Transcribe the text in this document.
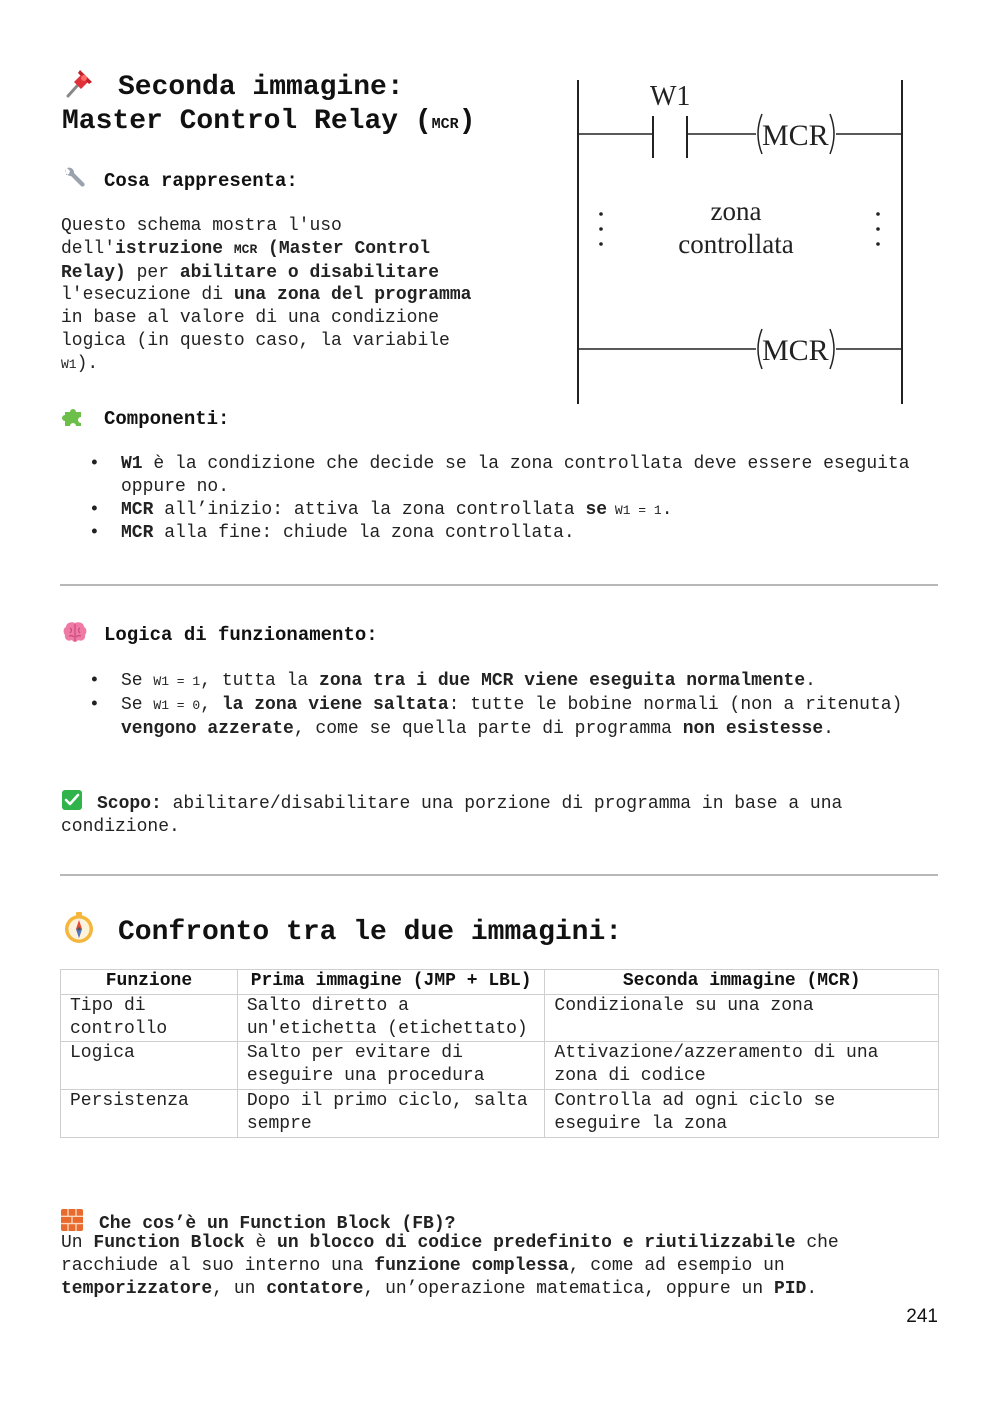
Seconda immagine:
Master Control Relay (MCR)
Cosa rappresenta:
Questo schema mostra l'uso
dell'istruzione MCR (Master Control
Relay) per abilitare o disabilitare
l'esecuzione di una zona del programma
in base al valore di una condizione
logica (in questo caso, la variabile
W1).
W1
MCR
zona
controllata
MCR
Componenti:
• W1 è la condizione che decide se la zona controllata deve essere eseguita oppure no.
• MCR all’inizio: attiva la zona controllata se W1 = 1.
• MCR alla fine: chiude la zona controllata.
Logica di funzionamento:
• Se W1 = 1, tutta la zona tra i due MCR viene eseguita normalmente.
• Se W1 = 0, la zona viene saltata: tutte le bobine normali (non a ritenuta) vengono azzerate, come se quella parte di programma non esistesse.
Scopo: abilitare/disabilitare una porzione di programma in base a una condizione.
Confronto tra le due immagini:
Funzione	Prima immagine (JMP + LBL)	Seconda immagine (MCR)
Tipo di controllo	Salto diretto a un'etichetta (etichettato)	Condizionale su una zona
Logica	Salto per evitare di eseguire una procedura	Attivazione/azzeramento di una zona di codice
Persistenza	Dopo il primo ciclo, salta sempre	Controlla ad ogni ciclo se eseguire la zona
Che cos’è un Function Block (FB)?
Un Function Block è un blocco di codice predefinito e riutilizzabile che racchiude al suo interno una funzione complessa, come ad esempio un temporizzatore, un contatore, un’operazione matematica, oppure un PID.
241
